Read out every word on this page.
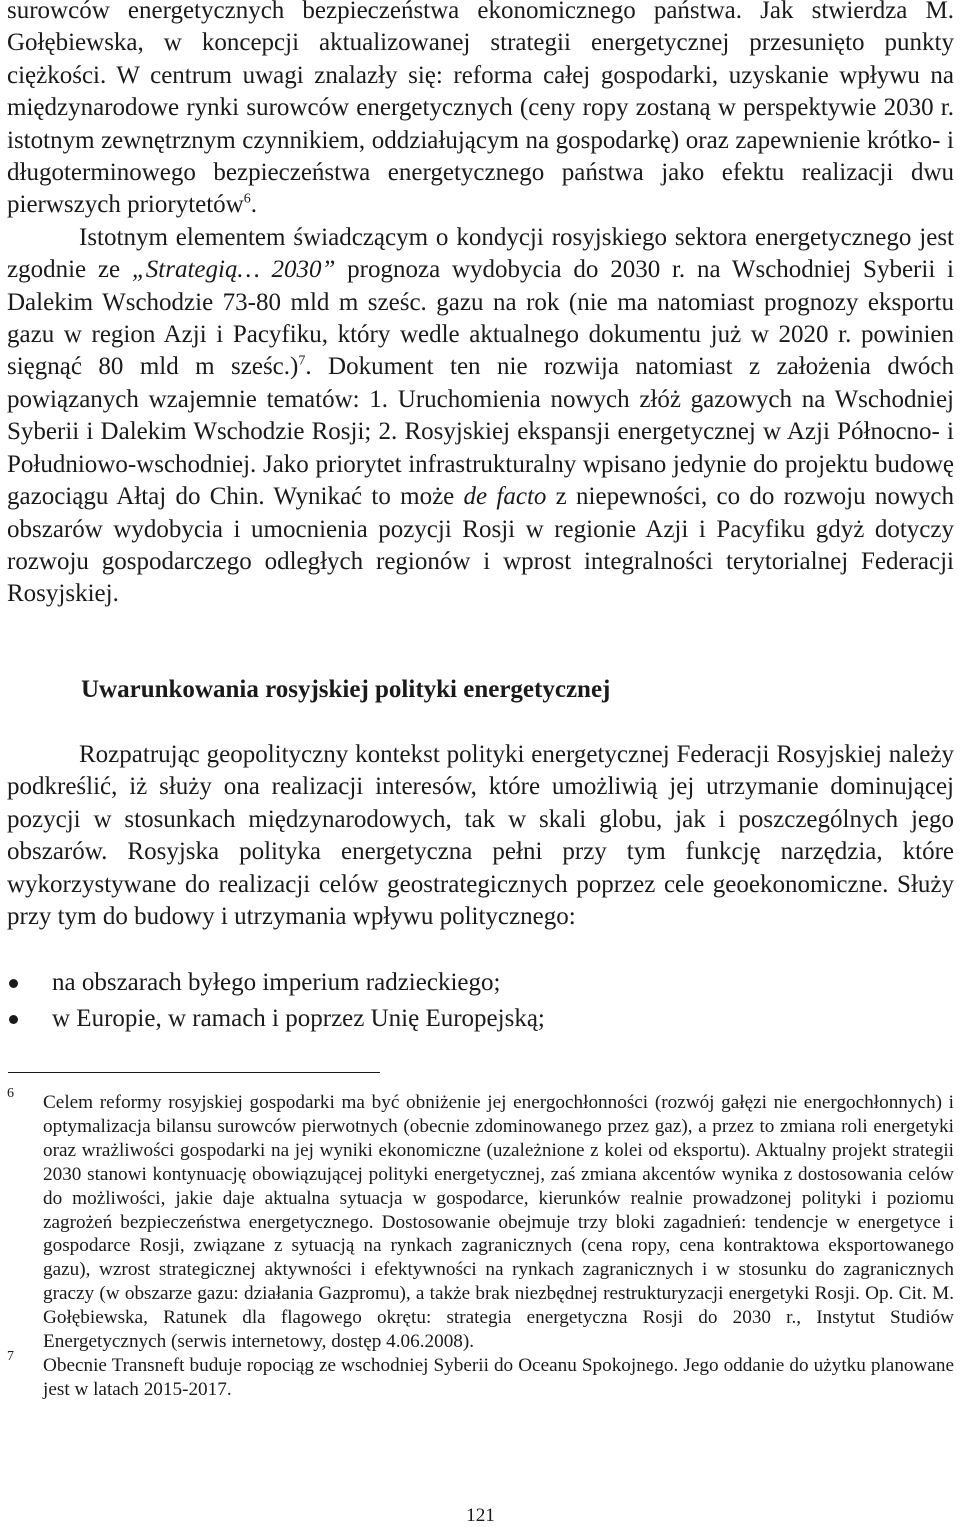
surowców energetycznych bezpieczeństwa ekonomicznego państwa. Jak stwierdza M. Gołębiewska, w koncepcji aktualizowanej strategii energetycznej przesunięto punkty ciężkości. W centrum uwagi znalazły się: reforma całej gospodarki, uzyskanie wpływu na międzynarodowe rynki surowców energetycznych (ceny ropy zostaną w perspektywie 2030 r. istotnym zewnętrznym czynnikiem, oddziałującym na gospodarkę) oraz zapewnienie krótko- i długoterminowego bezpieczeństwa energetycznego państwa jako efektu realizacji dwu pierwszych priorytetów$^6$.

Istotnym elementem świadczącym o kondycji rosyjskiego sektora energetycznego jest zgodnie ze „Strategią… 2030” prognoza wydobycia do 2030 r. na Wschodniej Syberii i Dalekim Wschodzie 73-80 mld m sześc. gazu na rok (nie ma natomiast prognozy eksportu gazu w region Azji i Pacyfiku, który wedle aktualnego dokumentu już w 2020 r. powinien sięgnąć 80 mld m sześc.)$^7$. Dokument ten nie rozwija natomiast z założenia dwóch powiązanych wzajemnie tematów: 1. Uruchomienia nowych złóż gazowych na Wschodniej Syberii i Dalekim Wschodzie Rosji; 2. Rosyjskiej ekspansji energetycznej w Azji Północno- i Południowo-wschodniej. Jako priorytet infrastrukturalny wpisano jedynie do projektu budowę gazociągu Ałtaj do Chin. Wynikać to może de facto z niepewności, co do rozwoju nowych obszarów wydobycia i umocnienia pozycji Rosji w regionie Azji i Pacyfiku gdyż dotyczy rozwoju gospodarczego odległych regionów i wprost integralności terytorialnej Federacji Rosyjskiej.

Uwarunkowania rosyjskiej polityki energetycznej

Rozpatrując geopolityczny kontekst polityki energetycznej Federacji Rosyjskiej należy podkreślić, iż służy ona realizacji interesów, które umożliwią jej utrzymanie dominującej pozycji w stosunkach międzynarodowych, tak w skali globu, jak i poszczególnych jego obszarów. Rosyjska polityka energetyczna pełni przy tym funkcję narzędzia, które wykorzystywane do realizacji celów geostrategicznych poprzez cele geoekonomiczne. Służy przy tym do budowy i utrzymania wpływu politycznego:

na obszarach byłego imperium radzieckiego;
w Europie, w ramach i poprzez Unię Europejską;

6 Celem reformy rosyjskiej gospodarki ma być obniżenie jej energochłonności (rozwój gałęzi nie energochłonnych) i optymalizacja bilansu surowców pierwotnych (obecnie zdominowanego przez gaz), a przez to zmiana roli energetyki oraz wrażliwości gospodarki na jej wyniki ekonomiczne (uzależnione z kolei od eksportu). Aktualny projekt strategii 2030 stanowi kontynuację obowiązującej polityki energetycznej, zaś zmiana akcentów wynika z dostosowania celów do możliwości, jakie daje aktualna sytuacja w gospodarce, kierunków realnie prowadzonej polityki i poziomu zagrożeń bezpieczeństwa energetycznego. Dostosowanie obejmuje trzy bloki zagadnień: tendencje w energetyce i gospodarce Rosji, związane z sytuacją na rynkach zagranicznych (cena ropy, cena kontraktowa eksportowanego gazu), wzrost strategicznej aktywności i efektywności na rynkach zagranicznych i w stosunku do zagranicznych graczy (w obszarze gazu: działania Gazpromu), a także brak niezbędnej restrukturyzacji energetyki Rosji. Op. Cit. M. Gołębiewska, Ratunek dla flagowego okrętu: strategia energetyczna Rosji do 2030 r., Instytut Studiów Energetycznych (serwis internetowy, dostęp 4.06.2008).

7 Obecnie Transneft buduje ropociąg ze wschodniej Syberii do Oceanu Spokojnego. Jego oddanie do użytku planowane jest w latach 2015-2017.

121
